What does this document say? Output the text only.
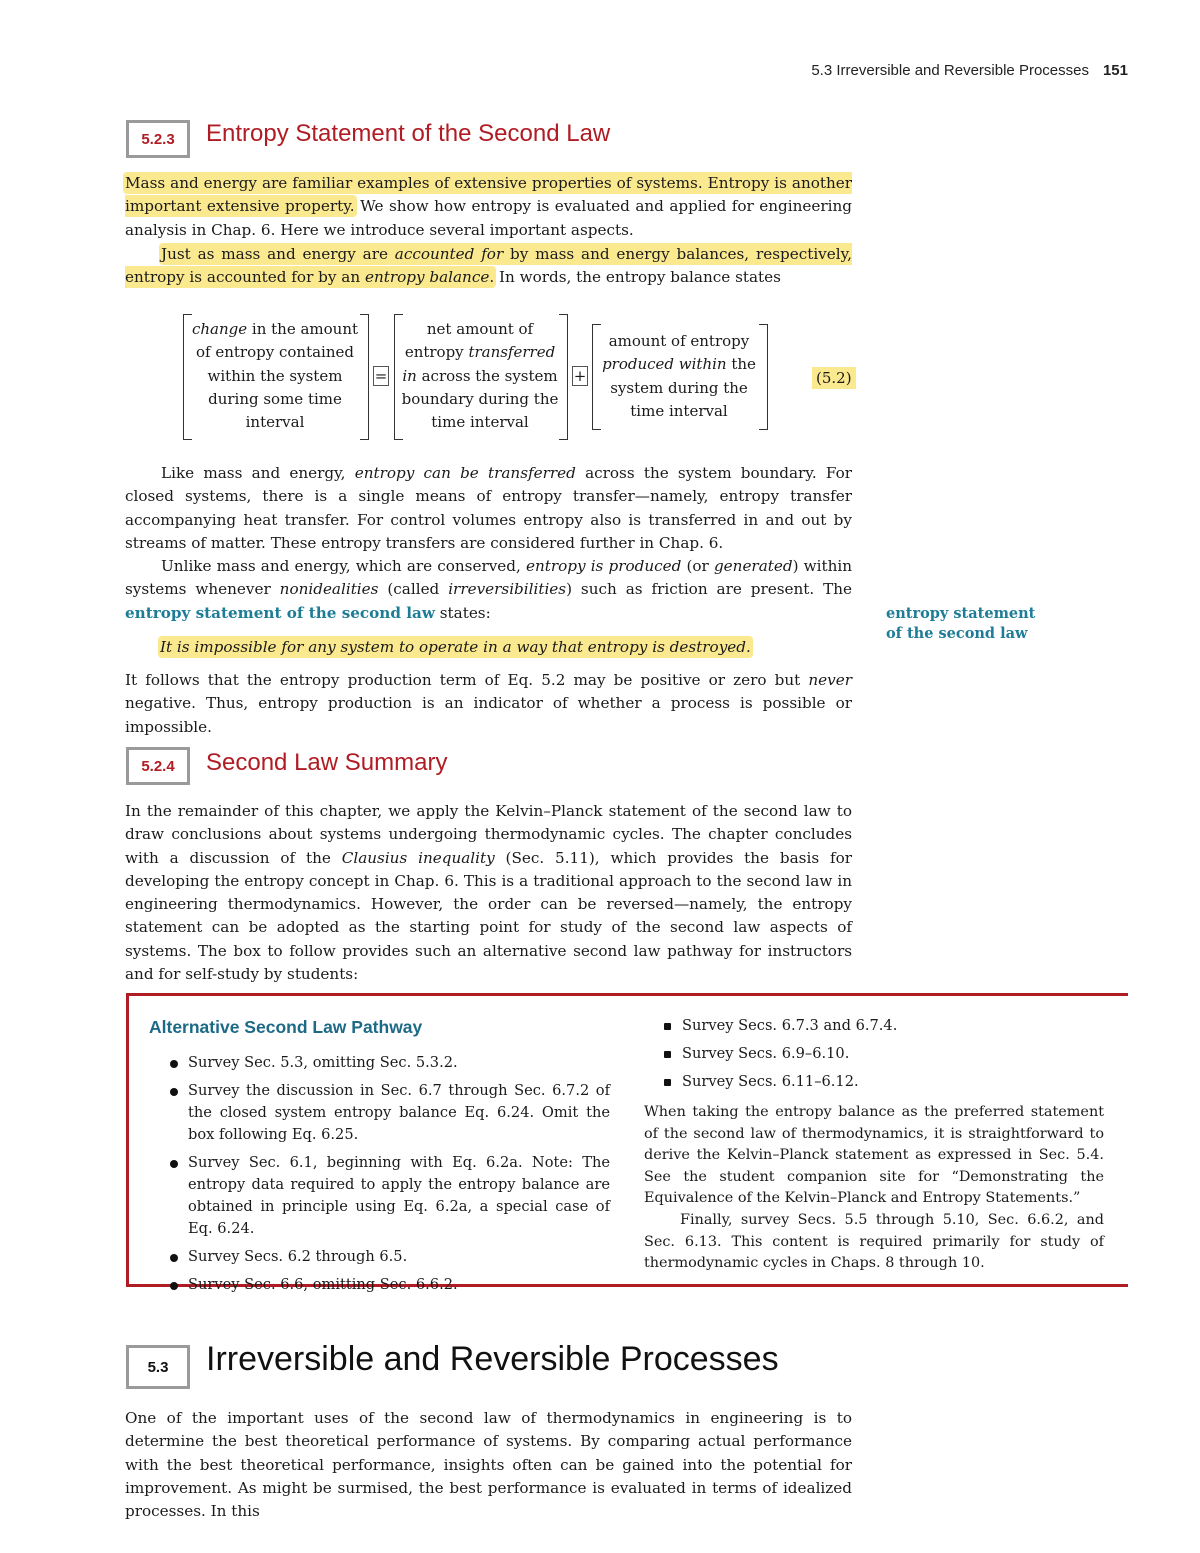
5.3 Irreversible and Reversible Processes 151
5.2.3 Entropy Statement of the Second Law
Mass and energy are familiar examples of extensive properties of systems. Entropy is another important extensive property. We show how entropy is evaluated and applied for engineering analysis in Chap. 6. Here we introduce several important aspects.
Just as mass and energy are accounted for by mass and energy balances, respectively, entropy is accounted for by an entropy balance. In words, the entropy balance states
change in the amount of entropy contained within the system during some time interval
=
net amount of entropy transferred in across the system boundary during the time interval
+
amount of entropy produced within the system during the time interval
(5.2)
Like mass and energy, entropy can be transferred across the system boundary. For closed systems, there is a single means of entropy transfer—namely, entropy transfer accompanying heat transfer. For control volumes entropy also is transferred in and out by streams of matter. These entropy transfers are considered further in Chap. 6.
Unlike mass and energy, which are conserved, entropy is produced (or generated) within systems whenever nonidealities (called irreversibilities) such as friction are present. The entropy statement of the second law states:	entropy statement of the second law
It is impossible for any system to operate in a way that entropy is destroyed.
It follows that the entropy production term of Eq. 5.2 may be positive or zero but never negative. Thus, entropy production is an indicator of whether a process is possible or impossible.
5.2.4 Second Law Summary
In the remainder of this chapter, we apply the Kelvin–Planck statement of the second law to draw conclusions about systems undergoing thermodynamic cycles. The chapter concludes with a discussion of the Clausius inequality (Sec. 5.11), which provides the basis for developing the entropy concept in Chap. 6. This is a traditional approach to the second law in engineering thermodynamics. However, the order can be reversed—namely, the entropy statement can be adopted as the starting point for study of the second law aspects of systems. The box to follow provides such an alternative second law pathway for instructors and for self-study by students:
Alternative Second Law Pathway
Survey Sec. 5.3, omitting Sec. 5.3.2.
Survey the discussion in Sec. 6.7 through Sec. 6.7.2 of the closed system entropy balance Eq. 6.24. Omit the box following Eq. 6.25.
Survey Sec. 6.1, beginning with Eq. 6.2a. Note: The entropy data required to apply the entropy balance are obtained in principle using Eq. 6.2a, a special case of Eq. 6.24.
Survey Secs. 6.2 through 6.5.
Survey Sec. 6.6, omitting Sec. 6.6.2.
Survey Secs. 6.7.3 and 6.7.4.
Survey Secs. 6.9–6.10.
Survey Secs. 6.11–6.12.
When taking the entropy balance as the preferred statement of the second law of thermodynamics, it is straightforward to derive the Kelvin–Planck statement as expressed in Sec. 5.4. See the student companion site for “Demonstrating the Equivalence of the Kelvin–Planck and Entropy Statements.”
Finally, survey Secs. 5.5 through 5.10, Sec. 6.6.2, and Sec. 6.13. This content is required primarily for study of thermodynamic cycles in Chaps. 8 through 10.
5.3 Irreversible and Reversible Processes
One of the important uses of the second law of thermodynamics in engineering is to determine the best theoretical performance of systems. By comparing actual performance with the best theoretical performance, insights often can be gained into the potential for improvement. As might be surmised, the best performance is evaluated in terms of idealized processes. In this
